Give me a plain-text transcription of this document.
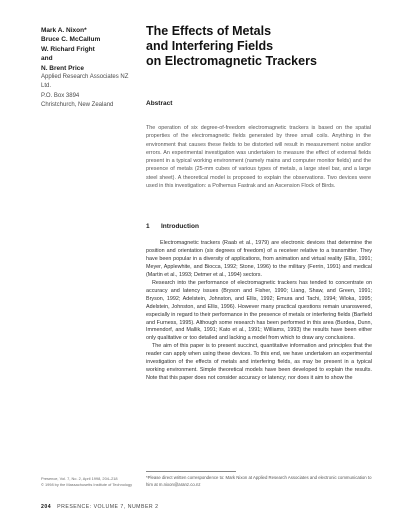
Mark A. Nixon*
Bruce C. McCallum
W. Richard Fright
and
N. Brent Price
Applied Research Associates NZ
Ltd.
P.O. Box 3894
Christchurch, New Zealand
The Effects of Metals
and Interfering Fields
on Electromagnetic Trackers
Abstract
The operation of six degree-of-freedom electromagnetic trackers is based on the spatial properties of the electromagnetic fields generated by three small coils. Anything in the environment that causes these fields to be distorted will result in measurement noise and/or errors. An experimental investigation was undertaken to measure the effect of external fields present in a typical working environment (namely mains and computer monitor fields) and the presence of metals (25-mm cubes of various types of metals, a large steel bar, and a large steel sheet). A theoretical model is proposed to explain the observations. Two devices were used in this investigation: a Polhemus Fastrak and an Ascension Flock of Birds.
1 Introduction

Electromagnetic trackers (Raab et al., 1979) are electronic devices that determine the position and orientation (six degrees of freedom) of a receiver relative to a transmitter. They have been popular in a diversity of applications, from animation and virtual reality (Ellis, 1991; Meyer, Applewhite, and Biocca, 1992; Stone, 1996) to the military (Ferrin, 1991) and medical (Martin et al., 1993; Detmer et al., 1994) sectors.

Research into the performance of electromagnetic trackers has tended to concentrate on accuracy and latency issues (Bryson and Fisher, 1990; Liang, Shaw, and Green, 1991; Bryson, 1992; Adelstein, Johnston, and Ellis, 1992; Emura and Tachi, 1994; Wloka, 1995; Adelstein, Johnston, and Ellis, 1996). However many practical questions remain unanswered, especially in regard to their performance in the presence of metals or interfering fields (Barfield and Furness, 1995). Although some research has been performed in this area (Burdea, Dunn, Immendorf, and Mallik, 1991; Kato et al., 1991; Williams, 1993) the results have been either only qualitative or too detailed and lacking a model from which to draw any conclusions.

The aim of this paper is to present succinct, quantitative information and principles that the reader can apply when using these devices. To this end, we have undertaken an experimental investigation of the effects of metals and interfering fields, as may be present in a typical working environment. Simple theoretical models have been developed to explain the results. Note that this paper does not consider accuracy or latency; nor does it aim to show the

Presence, Vol. 7, No. 2, April 1998, 204–218
© 1998 by the Massachusetts Institute of Technology
*Please direct written correspondence to: Mark Nixon at Applied Research Associates and electronic communication to him at m.nixon@aranz.co.nz
204 PRESENCE: VOLUME 7, NUMBER 2
